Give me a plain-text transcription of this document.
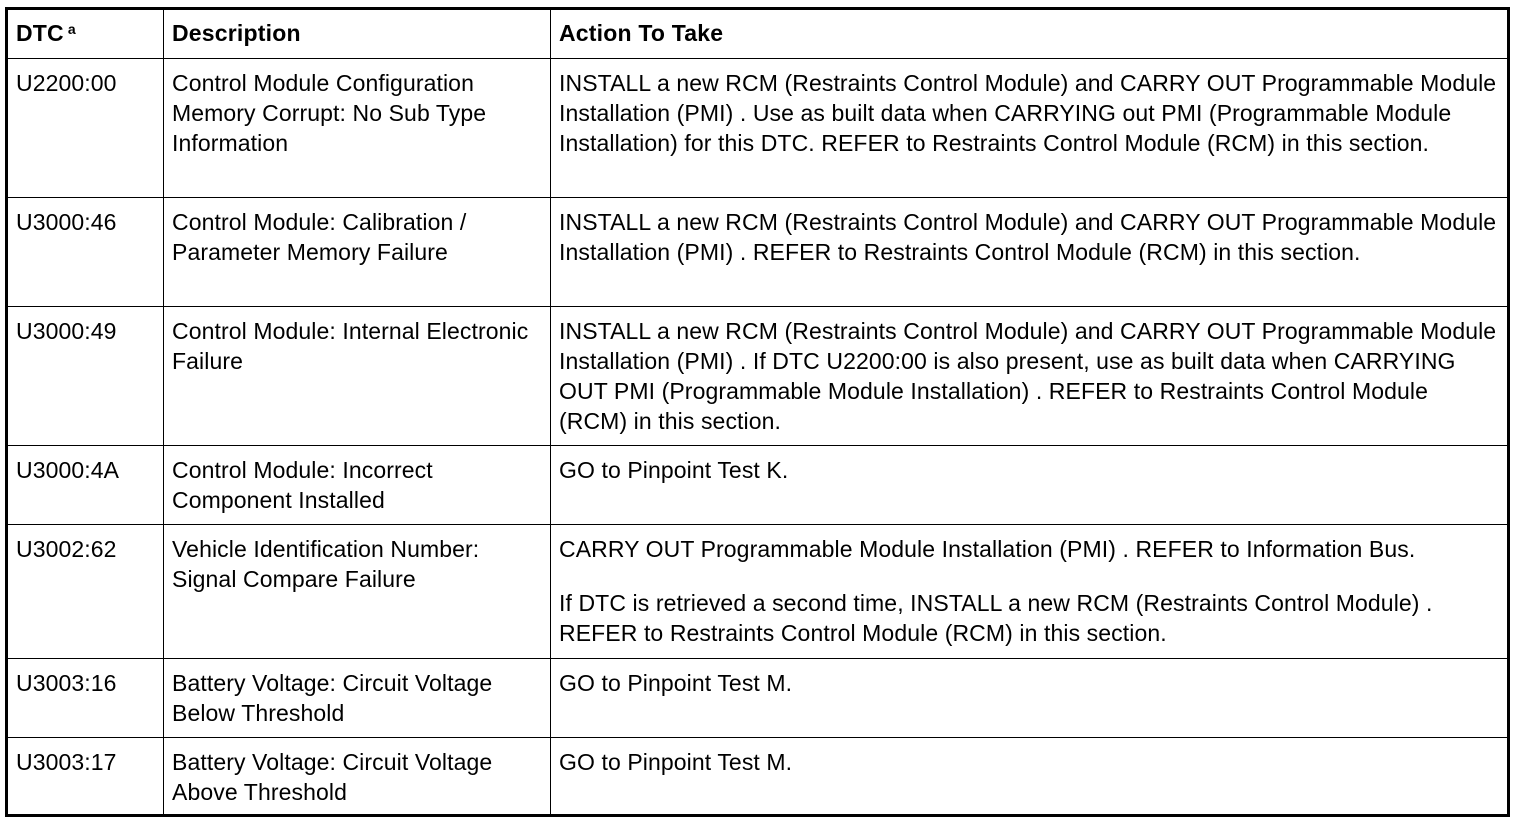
DTC $^a$	Description	Action To Take
U2200:00	Control Module Configuration Memory Corrupt: No Sub Type Information	INSTALL a new RCM (Restraints Control Module) and CARRY OUT Programmable Module Installation (PMI) . Use as built data when CARRYING out PMI (Programmable Module Installation) for this DTC. REFER to Restraints Control Module (RCM) in this section.

U3000:46	Control Module: Calibration / Parameter Memory Failure	INSTALL a new RCM (Restraints Control Module) and CARRY OUT Programmable Module Installation (PMI) . REFER to Restraints Control Module (RCM) in this section.

U3000:49	Control Module: Internal Electronic Failure	INSTALL a new RCM (Restraints Control Module) and CARRY OUT Programmable Module Installation (PMI) . If DTC U2200:00 is also present, use as built data when CARRYING OUT PMI (Programmable Module Installation) . REFER to Restraints Control Module (RCM) in this section.

U3000:4A	Control Module: Incorrect Component Installed	GO to Pinpoint Test K.

U3002:62	Vehicle Identification Number: Signal Compare Failure	CARRY OUT Programmable Module Installation (PMI) . REFER to Information Bus.

If DTC is retrieved a second time, INSTALL a new RCM (Restraints Control Module) . REFER to Restraints Control Module (RCM) in this section.

U3003:16	Battery Voltage: Circuit Voltage Below Threshold	GO to Pinpoint Test M.

U3003:17	Battery Voltage: Circuit Voltage Above Threshold	GO to Pinpoint Test M.
